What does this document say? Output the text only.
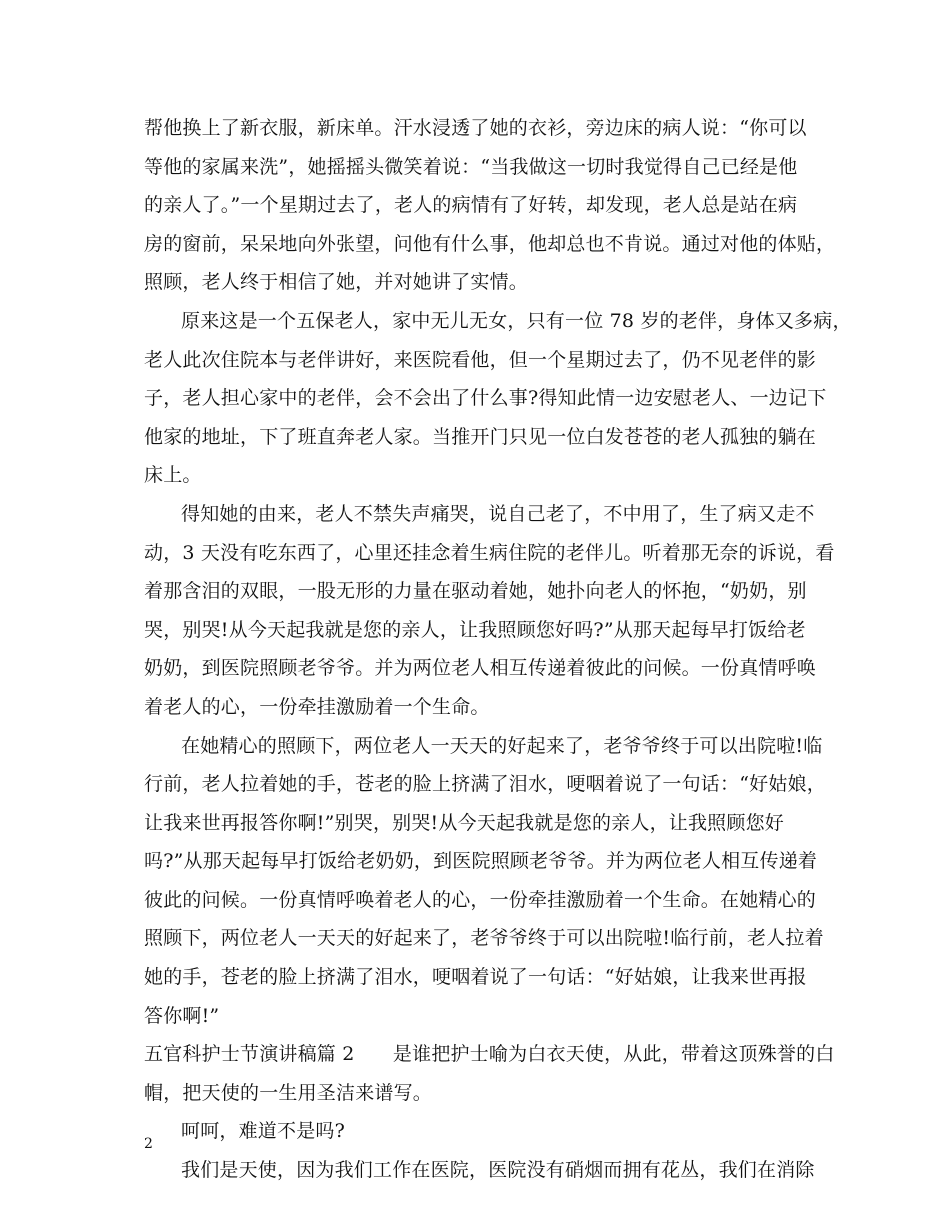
帮他换上了新衣服，新床单。汗水浸透了她的衣衫，旁边床的病人说：“你可以
等他的家属来洗”，她摇摇头微笑着说：“当我做这一切时我觉得自己已经是他
的亲人了。”一个星期过去了，老人的病情有了好转，却发现，老人总是站在病
房的窗前，呆呆地向外张望，问他有什么事，他却总也不肯说。通过对他的体贴，
照顾，老人终于相信了她，并对她讲了实情。
原来这是一个五保老人，家中无儿无女，只有一位 78 岁的老伴，身体又多病，
老人此次住院本与老伴讲好，来医院看他，但一个星期过去了，仍不见老伴的影
子，老人担心家中的老伴，会不会出了什么事?得知此情一边安慰老人、一边记下
他家的地址，下了班直奔老人家。当推开门只见一位白发苍苍的老人孤独的躺在
床上。
得知她的由来，老人不禁失声痛哭，说自己老了，不中用了，生了病又走不
动，3 天没有吃东西了，心里还挂念着生病住院的老伴儿。听着那无奈的诉说，看
着那含泪的双眼，一股无形的力量在驱动着她，她扑向老人的怀抱，“奶奶，别
哭，别哭!从今天起我就是您的亲人，让我照顾您好吗?”从那天起每早打饭给老
奶奶，到医院照顾老爷爷。并为两位老人相互传递着彼此的问候。一份真情呼唤
着老人的心，一份牵挂激励着一个生命。
在她精心的照顾下，两位老人一天天的好起来了，老爷爷终于可以出院啦!临
行前，老人拉着她的手，苍老的脸上挤满了泪水，哽咽着说了一句话：“好姑娘，
让我来世再报答你啊!”别哭，别哭!从今天起我就是您的亲人，让我照顾您好
吗?”从那天起每早打饭给老奶奶，到医院照顾老爷爷。并为两位老人相互传递着
彼此的问候。一份真情呼唤着老人的心，一份牵挂激励着一个生命。在她精心的
照顾下，两位老人一天天的好起来了，老爷爷终于可以出院啦!临行前，老人拉着
她的手，苍老的脸上挤满了泪水，哽咽着说了一句话：“好姑娘，让我来世再报
答你啊!”
五官科护士节演讲稿篇 2　　是谁把护士喻为白衣天使，从此，带着这顶殊誉的白
帽，把天使的一生用圣洁来谱写。
呵呵，难道不是吗?
我们是天使，因为我们工作在医院，医院没有硝烟而拥有花丛，我们在消除
2
